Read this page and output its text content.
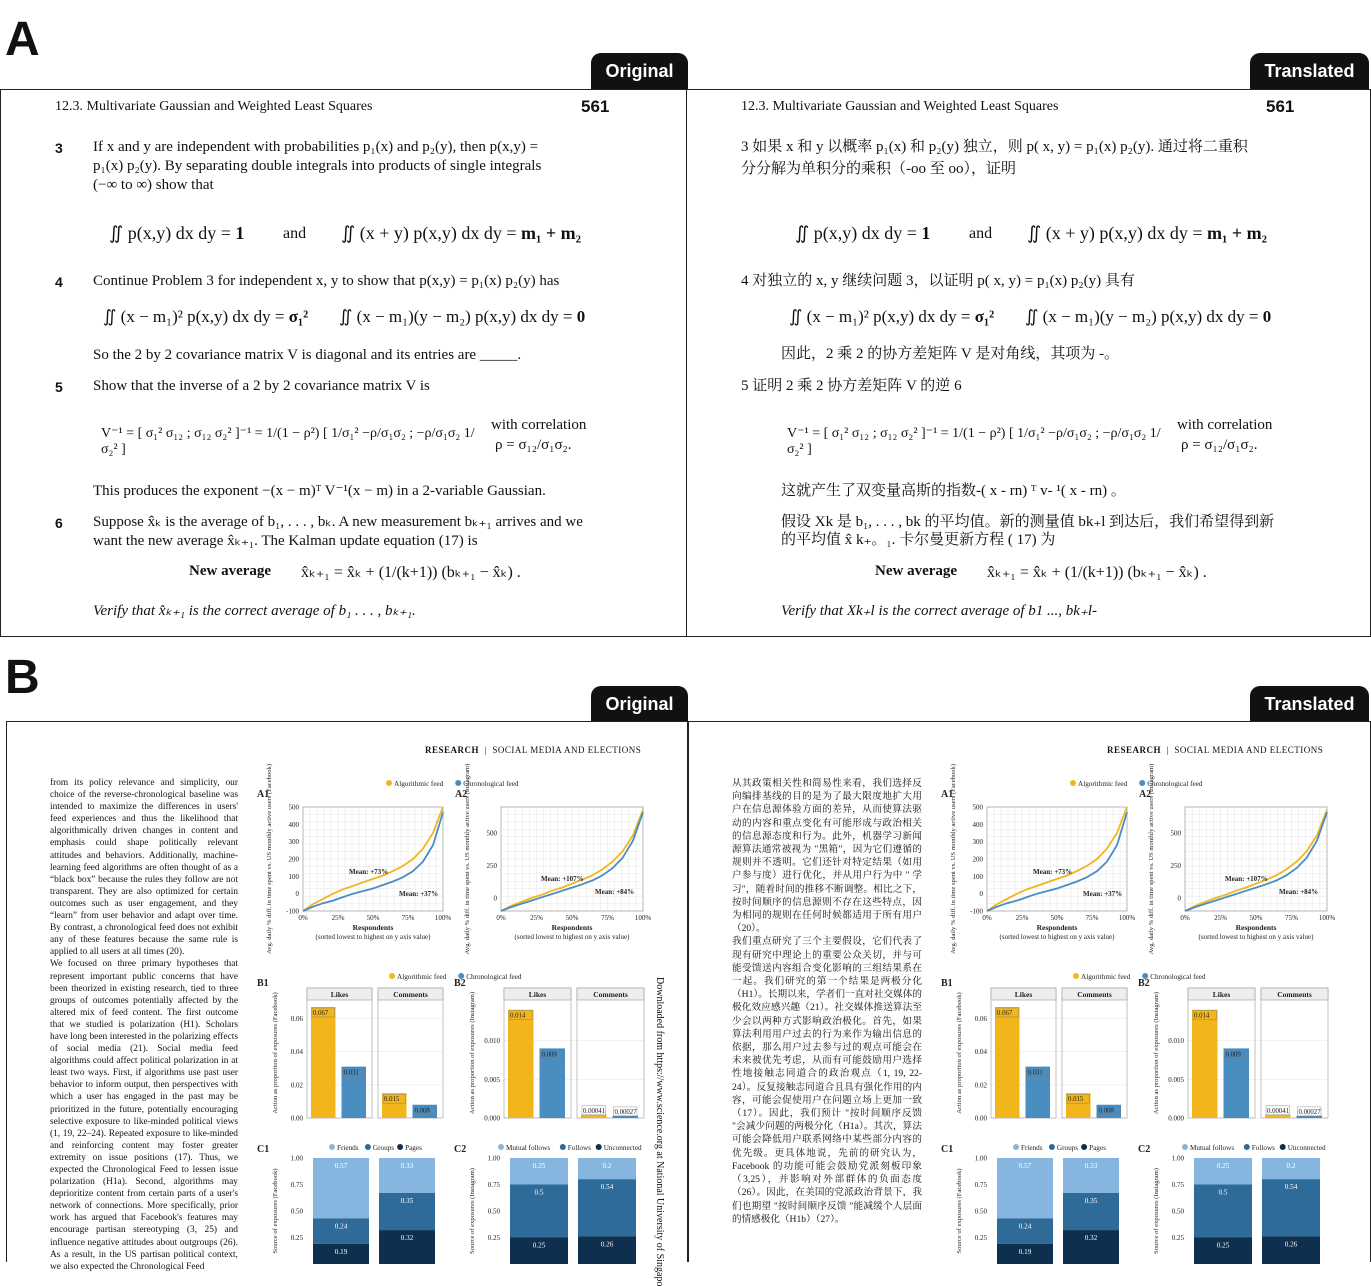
A
Original	Translated
12.3. Multivariate Gaussian and Weighted Least Squares	561
3 If x and y are independent with probabilities p₁(x) and p₂(y), then p(x,y) =
p₁(x) p₂(y). By separating double integrals into products of single integrals
(−∞ to ∞) show that
∬ p(x,y) dx dy = 1 and ∬ (x + y) p(x,y) dx dy = m₁ + m₂
4 Continue Problem 3 for independent x, y to show that p(x,y) = p₁(x) p₂(y) has
∬ (x − m₁)² p(x,y) dx dy = σ₁² ∬ (x − m₁)(y − m₂) p(x,y) dx dy = 0
So the 2 by 2 covariance matrix V is diagonal and its entries are _____.
5 Show that the inverse of a 2 by 2 covariance matrix V is
V⁻¹ = [ σ₁² σ₁₂ ; σ₁₂ σ₂² ]⁻¹ = 1/(1 − ρ²) [ 1/σ₁² −ρ/σ₁σ₂ ; −ρ/σ₁σ₂ 1/σ₂² ]
with correlation
ρ = σ₁₂/σ₁σ₂.
This produces the exponent −(x − m)ᵀ V⁻¹(x − m) in a 2-variable Gaussian.
6 Suppose x̂ₖ is the average of b₁, . . . , bₖ. A new measurement bₖ₊₁ arrives and we
want the new average x̂ₖ₊₁. The Kalman update equation (17) is
New average x̂ₖ₊₁ = x̂ₖ + (1/(k+1)) (bₖ₊₁ − x̂ₖ) .
Verify that x̂ₖ₊₁ is the correct average of b₁ . . . , bₖ₊₁.
12.3. Multivariate Gaussian and Weighted Least Squares	561
3 如果 x 和 y 以概率 p₁(x) 和 p₂(y) 独立，则 p( x, y) = p₁(x) p₂(y). 通过将二重积
分分解为单积分的乘积（-oo 至 oo），证明
∬ p(x,y) dx dy = 1 and ∬ (x + y) p(x,y) dx dy = m₁ + m₂
4 对独立的 x, y 继续问题 3，以证明 p( x, y) = p₁(x) p₂(y) 具有
∬ (x − m₁)² p(x,y) dx dy = σ₁² ∬ (x − m₁)(y − m₂) p(x,y) dx dy = 0
因此，2 乘 2 的协方差矩阵 V 是对角线，其项为 -。
5 证明 2 乘 2 协方差矩阵 V 的逆 6
V⁻¹ = [ σ₁² σ₁₂ ; σ₁₂ σ₂² ]⁻¹ = 1/(1 − ρ²) [ 1/σ₁² −ρ/σ₁σ₂ ; −ρ/σ₁σ₂ 1/σ₂² ]
with correlation
ρ = σ₁₂/σ₁σ₂.
这就产生了双变量高斯的指数-( x - rn) ᵀ v- ¹( x - rn) 。
假设 Xk 是 b₁, . . . , bk 的平均值。新的测量值 bk₊l 到达后，我们希望得到新
的平均值 x̂ k₊。₁. 卡尔曼更新方程 ( 17) 为
New average x̂ₖ₊₁ = x̂ₖ + (1/(k+1)) (bₖ₊₁ − x̂ₖ) .
Verify that Xk₊l is the correct average of b1 ..., bk₊l-
B	Original	Translated
RESEARCH  |  SOCIAL MEDIA AND ELECTIONS
from its policy relevance and simplicity, our choice of the reverse-chronological baseline was intended to maximize the differences in users' feed experiences and thus the likelihood that algorithmically driven changes in content and emphasis could shape politically relevant attitudes and behaviors. Additionally, machine-learning feed algorithms are often thought of as a “black box” because the rules they follow are not transparent. They are also optimized for certain outcomes such as user engagement, and they “learn” from user behavior and adapt over time. By contrast, a chronological feed does not exhibit any of these features because the same rule is applied to all users at all times (20).
We focused on three primary hypotheses that represent important public concerns that have been theorized in existing research, tied to three groups of outcomes potentially affected by the altered mix of feed content. The first outcome that we studied is polarization (H1). Scholars have long been interested in the polarizing effects of social media (21). Social media feed algorithms could affect political polarization in at least two ways. First, if algorithms use past user behavior to inform output, then perspectives with which a user has engaged in the past may be prioritized in the future, potentially encouraging selective exposure to like-minded political views (1, 19, 22–24). Repeated exposure to like-minded and reinforcing content may foster greater extremity on issue positions (17). Thus, we expected the Chronological Feed to lessen issue polarization (H1a). Second, algorithms may deprioritize content from certain parts of a user's network of connections. More specifically, prior work has argued that Facebook's features may encourage partisan stereotyping (3, 25) and influence negative attitudes about outgroups (26). As a result, in the US partisan political context, we also expected the Chronological Feed
Algorithmic feed	Chronological feed
A1
-100
0
100
200
300
400
500
0%	25%	50%	75%	100%
Mean: +73%
Mean: +37%
Respondents
(sorted lowest to highest on y axis value)
Avg. daily % diff. in time spent vs. US monthly active users (Facebook)	A2
0
250
500
0%	25%	50%	75%	100%
Mean: +107%
Mean: +84%
Respondents
(sorted lowest to highest on y axis value)
Avg. daily % diff. in time spent vs. US monthly active users (Instagram)
Algorithmic feed	Chronological feed
B1
0.00
0.02
0.04
0.06
Likes
0.067
0.031
Comments
0.015
0.008
Action as proportion of exposures (Facebook)
B2
0.000
0.005
0.010
Likes
0.014
0.009
Comments
0.00041 0.00027
Action as proportion of exposures (Instagram)
Friends Groups Pages	Mutual follows Follows Unconnected
C1
0.25
0.50
0.75
1.00
0.57
0.24
0.19
0.33
0.35
0.32
Source of exposures (Facebook)
C2
0.25
0.50
0.75
1.00
0.25
0.5
0.25
0.2
0.54
0.26
Source of exposures (Instagram)	Downloaded from https://www.science.org at National University of Singapo
RESEARCH  |  SOCIAL MEDIA AND ELECTIONS
从其政策相关性和简易性来看，我们选择反向编排基线的目的是为了最大限度地扩大用户在信息源体验方面的差异，从而使算法驱动的内容和重点变化有可能形成与政治相关的信息源态度和行为。此外，机器学习新闻源算法通常被视为 "黑箱"，因为它们遵循的规则并不透明。它们还针对特定结果（如用户参与度）进行优化，并从用户行为中 " 学习"，随着时间的推移不断调整。相比之下，按时间顺序的信息源则不存在这些特点，因为相同的规则在任何时候都适用于所有用户（20）。
我们重点研究了三个主要假设，它们代表了现有研究中理论上的重要公众关切，并与可能受馈送内容组合变化影响的三组结果系在一起。我们研究的第一个结果是两极分化（H1）。长期以来，学者们一直对社交媒体的极化效应感兴趣（21）。社交媒体推送算法至少会以两种方式影响政治极化。首先，如果算法利用用户过去的行为来作为输出信息的依据，那么用户过去参与过的观点可能会在未来被优先考虑，从而有可能鼓励用户选择性地接触志同道合的政治观点（1, 19, 22-24）。反复接触志同道合且具有强化作用的内容，可能会促使用户在问题立场上更加一致（17）。因此，我们预计 "按时间顺序反馈 "会减少问题的两极分化（H1a）。其次，算法可能会降低用户联系网络中某些部分内容的优先级。更具体地说，先前的研究认为，Facebook 的功能可能会鼓励党派刻板印象（3,25），并影响对外部群体的负面态度（26）。因此，在美国的党派政治背景下，我们也期望 "按时间顺序反馈 "能减缓个人层面的情感极化（H1b）（27）。
Algorithmic feed	Chronological feed
A1
-100
0
100
200
300
400
500
0%	25%	50%	75%	100%
Mean: +73%
Mean: +37%
Respondents
(sorted lowest to highest on y axis value)
Avg. daily % diff. in time spent vs. US monthly active users (Facebook)	A2
0
250
500
0%	25%	50%	75%	100%
Mean: +107%
Mean: +84%
Respondents
(sorted lowest to highest on y axis value)
Avg. daily % diff. in time spent vs. US monthly active users (Instagram)
Algorithmic feed	Chronological feed
B1
0.00
0.02
0.04
0.06
Likes
0.067
0.031
Comments
0.015
0.008
Action as proportion of exposures (Facebook)
B2
0.000
0.005
0.010
Likes
0.014
0.009
Comments
0.00041 0.00027
Action as proportion of exposures (Instagram)
Friends Groups Pages	Mutual follows Follows Unconnected
C1
0.25
0.50
0.75
1.00
0.57
0.24
0.19
0.33
0.35
0.32
Source of exposures (Facebook)
C2
0.25
0.50
0.75
1.00
0.25
0.5
0.25
0.2
0.54
0.26
Source of exposures (Instagram)
